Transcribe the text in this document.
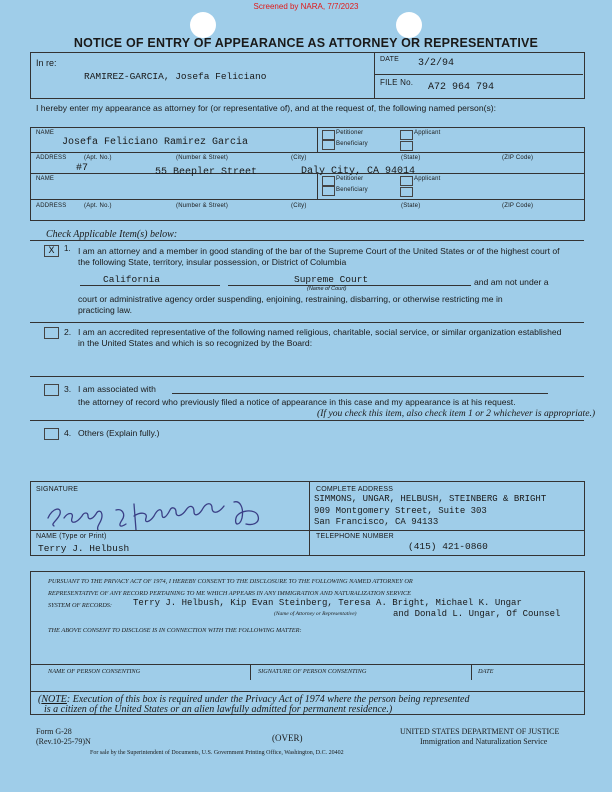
Screened by NARA, 7/7/2023
NOTICE OF ENTRY OF APPEARANCE AS ATTORNEY OR REPRESENTATIVE
In re:
RAMIREZ-GARCIA, Josefa Feliciano
DATE 3/2/94
FILE No. A72 964 794
I hereby enter my appearance as attorney for (or representative of), and at the request of, the following named person(s):
NAME
Josefa Feliciano Ramirez Garcia
Petitioner	Applicant
Beneficiary
ADDRESS	(Apt. No.)	(Number & Street)	(City)	(State)	(ZIP Code)
#7	55 Beepler Street	Daly City, CA 94014
NAME	Petitioner	Applicant
Beneficiary
ADDRESS	(Apt. No.)	(Number & Street)	(City)	(State)	(ZIP Code)
Check Applicable Item(s) below:
X	1. I am an attorney and a member in good standing of the bar of the Supreme Court of the United States or of the highest court of the following State, territory, insular possession, or District of Columbia
California	Supreme Court
(Name of Court)
and am not under a
court or administrative agency order suspending, enjoining, restraining, disbarring, or otherwise restricting me in practicing law.
2. I am an accredited representative of the following named religious, charitable, social service, or similar organization established in the United States and which is so recognized by the Board:
3. I am associated with
the attorney of record who previously filed a notice of appearance in this case and my appearance is at his request.
(If you check this item, also check item 1 or 2 whichever is appropriate.)
4. Others (Explain fully.)
SIGNATURE	COMPLETE ADDRESS
SIMMONS, UNGAR, HELBUSH, STEINBERG & BRIGHT
909 Montgomery Street, Suite 303
San Francisco, CA 94133
NAME (Type or Print)
Terry J. Helbush
TELEPHONE NUMBER
(415) 421-0860
PURSUANT TO THE PRIVACY ACT OF 1974, I HEREBY CONSENT TO THE DISCLOSURE TO THE FOLLOWING NAMED ATTORNEY OR
REPRESENTATIVE OF ANY RECORD PERTAINING TO ME WHICH APPEARS IN ANY IMMIGRATION AND NATURALIZATION SERVICE
SYSTEM OF RECORDS: Terry J. Helbush, Kip Evan Steinberg, Teresa A. Bright, Michael K. Ungar
(Name of Attorney or Representative)	and Donald L. Ungar, Of Counsel
THE ABOVE CONSENT TO DISCLOSE IS IN CONNECTION WITH THE FOLLOWING MATTER:
NAME OF PERSON CONSENTING	SIGNATURE OF PERSON CONSENTING	DATE
(NOTE: Execution of this box is required under the Privacy Act of 1974 where the person being represented
is a citizen of the United States or an alien lawfully admitted for permanent residence.)
Form G-28
(Rev.10-25-79)N	(OVER)
UNITED STATES DEPARTMENT OF JUSTICE
Immigration and Naturalization Service
For sale by the Superintendent of Documents, U.S. Government Printing Office, Washington, D.C. 20402
